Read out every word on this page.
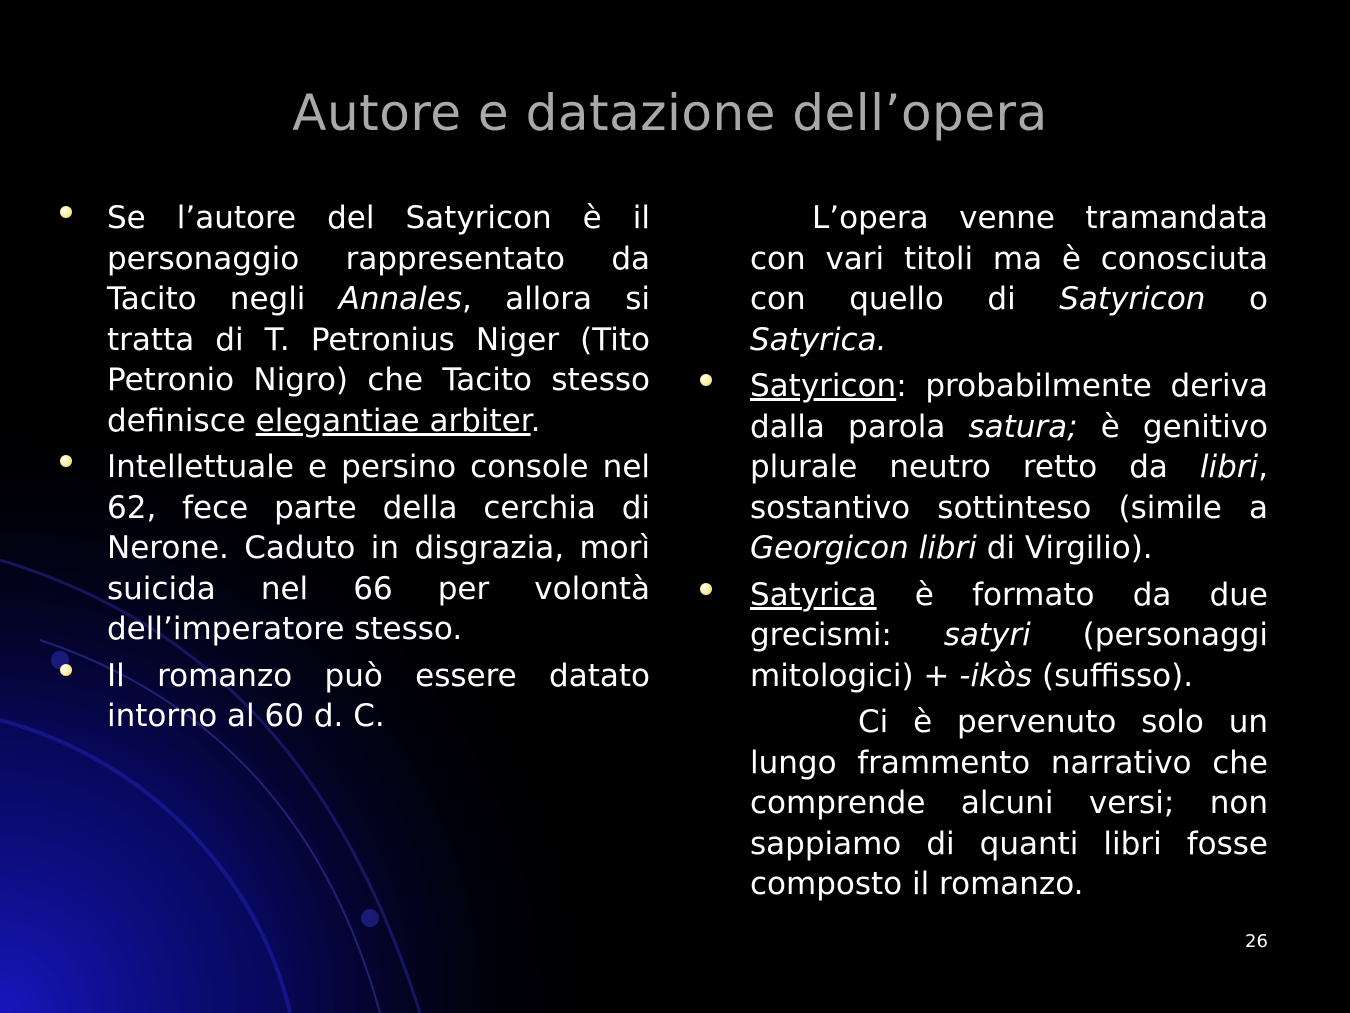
Autore e datazione dell’opera
Se l’autore del Satyricon è il personaggio rappresentato da Tacito negli Annales, allora si tratta di T. Petronius Niger (Tito Petronio Nigro) che Tacito stesso definisce elegantiae arbiter.
Intellettuale e persino console nel 62, fece parte della cerchia di Nerone. Caduto in disgrazia, morì suicida nel 66 per volontà dell’imperatore stesso.
Il romanzo può essere datato intorno al 60 d. C.
L’opera venne tramandata con vari titoli ma è conosciuta con quello di Satyricon o Satyrica.
Satyricon: probabilmente deriva dalla parola satura; è genitivo plurale neutro retto da libri, sostantivo sottinteso (simile a Georgicon libri di Virgilio).
Satyrica è formato da due grecismi: satyri (personaggi mitologici) + -ikòs (suffisso).
Ci è pervenuto solo un lungo frammento narrativo che comprende alcuni versi; non sappiamo di quanti libri fosse composto il romanzo.
26
